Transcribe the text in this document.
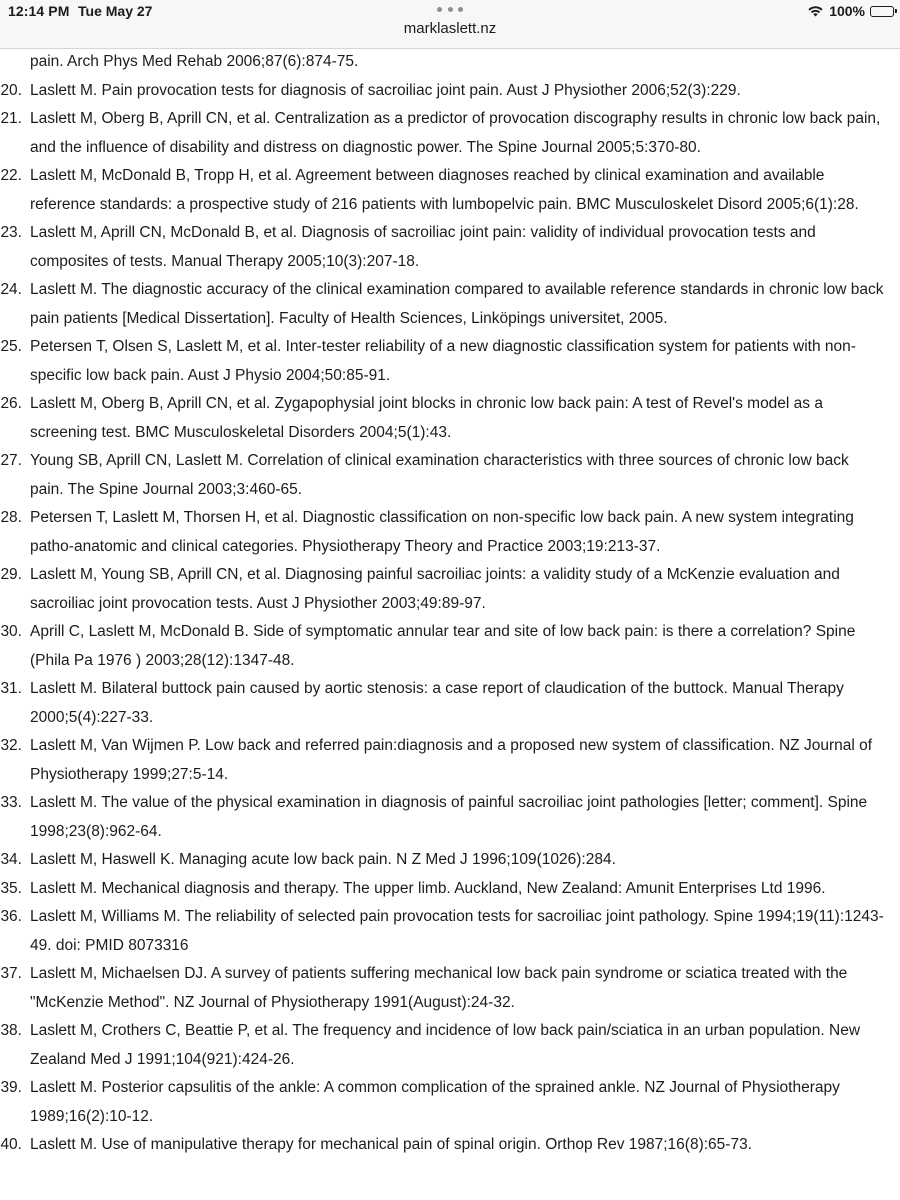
12:14 PM Tue May 27
marklaslett.nz
100%
pain. Arch Phys Med Rehab 2006;87(6):874-75.
20. Laslett M. Pain provocation tests for diagnosis of sacroiliac joint pain. Aust J Physiother 2006;52(3):229.
21. Laslett M, Oberg B, Aprill CN, et al. Centralization as a predictor of provocation discography results in chronic low back pain, and the influence of disability and distress on diagnostic power. The Spine Journal 2005;5:370-80.
22. Laslett M, McDonald B, Tropp H, et al. Agreement between diagnoses reached by clinical examination and available reference standards: a prospective study of 216 patients with lumbopelvic pain. BMC Musculoskelet Disord 2005;6(1):28.
23. Laslett M, Aprill CN, McDonald B, et al. Diagnosis of sacroiliac joint pain: validity of individual provocation tests and composites of tests. Manual Therapy 2005;10(3):207-18.
24. Laslett M. The diagnostic accuracy of the clinical examination compared to available reference standards in chronic low back pain patients [Medical Dissertation]. Faculty of Health Sciences, Linköpings universitet, 2005.
25. Petersen T, Olsen S, Laslett M, et al. Inter-tester reliability of a new diagnostic classification system for patients with non-specific low back pain. Aust J Physio 2004;50:85-91.
26. Laslett M, Oberg B, Aprill CN, et al. Zygapophysial joint blocks in chronic low back pain: A test of Revel's model as a screening test. BMC Musculoskeletal Disorders 2004;5(1):43.
27. Young SB, Aprill CN, Laslett M. Correlation of clinical examination characteristics with three sources of chronic low back pain. The Spine Journal 2003;3:460-65.
28. Petersen T, Laslett M, Thorsen H, et al. Diagnostic classification on non-specific low back pain. A new system integrating patho-anatomic and clinical categories. Physiotherapy Theory and Practice 2003;19:213-37.
29. Laslett M, Young SB, Aprill CN, et al. Diagnosing painful sacroiliac joints: a validity study of a McKenzie evaluation and sacroiliac joint provocation tests. Aust J Physiother 2003;49:89-97.
30. Aprill C, Laslett M, McDonald B. Side of symptomatic annular tear and site of low back pain: is there a correlation? Spine (Phila Pa 1976 ) 2003;28(12):1347-48.
31. Laslett M. Bilateral buttock pain caused by aortic stenosis: a case report of claudication of the buttock. Manual Therapy 2000;5(4):227-33.
32. Laslett M, Van Wijmen P. Low back and referred pain:diagnosis and a proposed new system of classification. NZ Journal of Physiotherapy 1999;27:5-14.
33. Laslett M. The value of the physical examination in diagnosis of painful sacroiliac joint pathologies [letter; comment]. Spine 1998;23(8):962-64.
34. Laslett M, Haswell K. Managing acute low back pain. N Z Med J 1996;109(1026):284.
35. Laslett M. Mechanical diagnosis and therapy. The upper limb. Auckland, New Zealand: Amunit Enterprises Ltd 1996.
36. Laslett M, Williams M. The reliability of selected pain provocation tests for sacroiliac joint pathology. Spine 1994;19(11):1243-49. doi: PMID 8073316
37. Laslett M, Michaelsen DJ. A survey of patients suffering mechanical low back pain syndrome or sciatica treated with the "McKenzie Method". NZ Journal of Physiotherapy 1991(August):24-32.
38. Laslett M, Crothers C, Beattie P, et al. The frequency and incidence of low back pain/sciatica in an urban population. New Zealand Med J 1991;104(921):424-26.
39. Laslett M. Posterior capsulitis of the ankle: A common complication of the sprained ankle. NZ Journal of Physiotherapy 1989;16(2):10-12.
40. Laslett M. Use of manipulative therapy for mechanical pain of spinal origin. Orthop Rev 1987;16(8):65-73.
